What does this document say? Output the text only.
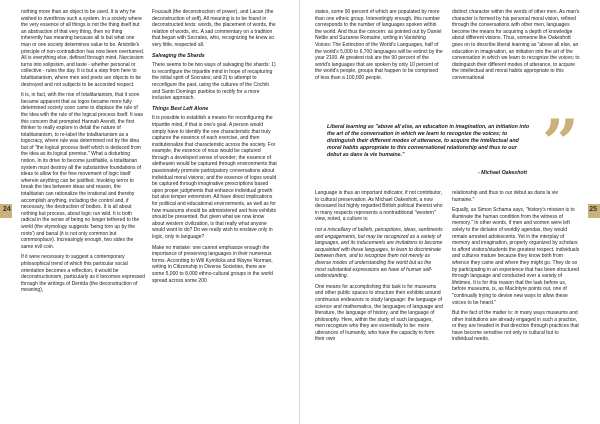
nothing more than an object to be used. It is why he wished to overthrow such a system. In a society where the very essence of all things is not the thing itself but an abstraction of that very thing, then no thing inherently has meaning because all is but what one man or one society determines value to be. Aristotle's principle of non-contradiction has now been overturned. All is everything else, defined through mind. Narcissism turns into solipsism, and taste - whether personal or collective - rules the day. It is but a step from here to totalitarianism, where men and poets are objects to be destroyed and not subjects to be accorded respect.

It is, in fact, with the rise of totalitarianism, that it soon became apparent that as logos became more fully determined society soon came to displace the rule of the idea with the rule of the logical process itself. It was this concern that prompted Hannah Arendt, the first thinker to really explore in detail the nature of totalitarianism, to re-label the totalitarianism as a logocracy, where rule was determined not by the idea but of "the logical process itself which is deduced from the idea as its logical premise." What a disturbing notion. In its drive to become justifiable, a totalitarian system must destroy all the substantive foundations of ideas to allow for the free movement of logic itself wherein anything can be justified. Invoking terror to break the ties between ideas and reason, the totalitarian can rationalize the irrational and thereby accomplish anything, including the control and, if necessary, the destruction of bodies. It is all about nothing but process, about logic run wild. It is both radical in the sense of being no longer tethered to the world (the etymology suggests 'being torn up by the roots') and banal (it is not only common but commonplace). Increasingly enough, two sides the same evil coin.

If it were necessary to suggest a contemporary philosophical trend of which this particular social orientation becomes a reflection, it would be deconstructionism, particularly as it becomes expressed through the writings of Derrida (the deconstruction of meaning),

Foucault (the deconstruction of power), and Lacan (the deconstruction of self). All meaning is to be found in deconstructed texts: words, the placement of words, the relation of words, etc. A sad commentary on a tradition that began with Socrates, who, recognizing he knew so very little, respected all.

Salvaging the Shards

There seems to be two ways of salvaging the shards: 1) to reconfigure the tripartite mind in hope of recapturing the initial spirit of Socrates; and 2) to attempt to reconfigure the past, using the cultures of the Cochiti and Santo Domingo pueblos to rectify for a more inclusive approach.

Things Best Left Alone

It is possible to establish a means for reconfiguring the tripartite mind, if that is one's goal. A person would simply have to identify the one characteristic that truly captures the essence of each exercise, and then institutionalize that characteristic across the society. For example, the essence of nous would be captured through a developed sense of wonder; the essence of aletheuein would be captured through environments that passionately promote participatory conversations about individual moral visions; and the essence of logos would be captured through imaginative prescriptions based upon proper judgments that enhance individual growth but also temper extremism. All have direct implications for political and educational environments, as well as for how museums should be administered and how exhibits should be presented. But given what we now know about western civilization, is that really what anyone would want to do? Do we really wish to enslave only in logic, only in language?

Make no mistake: one cannot emphasize enough the importance of preserving languages in their numerous forms. According to Will Kymlicka and Wayne Norman, writing in Citizenship in Diverse Societies, there are some 5,000 to 8,000 ethno-cultural groups in the world spread across some 200

24

states, some 90 percent of which are populated by more than one ethnic group. Interestingly enough, this number corresponds to the number of languages spoken within the world. And thus the concern: as pointed out by Daniel Nettle and Suzanne Romaine, writing in Vanishing Voices: The Extinction of the World's Languages, half of the world's 5,000 to 6,700 languages will be extinct by the year 2100. At greatest risk are the 90 percent of the world's languages that are spoken by only 10 percent of the world's people, groups that happen to be comprised of less than a 100,000 people.

distinct character within the words of other men. As man's character is formed by his personal moral vision, refined through the conversations with other men, languages become the means for acquiring a depth of knowledge about different visions. Thus, someone like Oakeshott goes on to describe liberal learning as "above all else, an education in imagination, an initiation into the art of the conversation in which we learn to recognize the voices; to distinguish their different modes of utterance, to acquire the intellectual and moral habits appropriate to this conversational

Liberal learning as "above all else, an education in imagination, an initiation into the art of the conversation in which we learn to recognize the voices; to distinguish their different modes of utterance, to acquire the intellectual and moral habits appropriate to this conversational relationship and thus to our debut as dans la vie humaine."	”

- Michael Oakeshott

Language is thus an important indicator, if not contributor, to cultural preservation. As Michael Oakeshott, a now deceased but highly regarded British political theorist who in many respects represents a nontraditional "western" view, noted, a culture is:

not a miscellany of beliefs, perceptions, ideas, sentiments and engagements, but may be recognized as a variety of languages, and its inducements are invitations to become acquainted with these languages, to learn to discriminate between them, and to recognize them not merely as diverse modes of understanding the world but as the most substantial expressions we have of human self-understanding.

One means for accomplishing this task is for museums and other public spaces to structure their exhibits around continuous endeavors to study language: the language of science and mathematics, the languages of language and literature, the language of history, and the language of philosophy. Here, within the study of such languages, men recognize who they are essentially to be: mere utterances of humanity, who have the capacity to form their own

relationship and thus to our debut as dans la vie humaine."

Equally, as Simon Schama says, "history's mission is to illuminate the human condition from the witness of memory." In other words, if men and women were left solely to the dictates of worldly agendas, they would remain arrested adolescents. Yet in the interplay of memory and imagination, properly organized by scholars to afford visitors/students the greatest respect, individuals and cultures mature because they know both from whence they came and where they might go. They do so by participating in an experience that has been structured through language and conducted over a variety of lifetimes. It is for this reason that the task before us, before museums, is, as MacIntyre points out, one of "continually trying to devise new ways to allow these voices to be heard."

But the fact of the matter is: in many ways museums and other institutions are already engaged in such a practice, or they are headed in that direction through practices that have become sensitive not only to cultural but to individual needs.

25
